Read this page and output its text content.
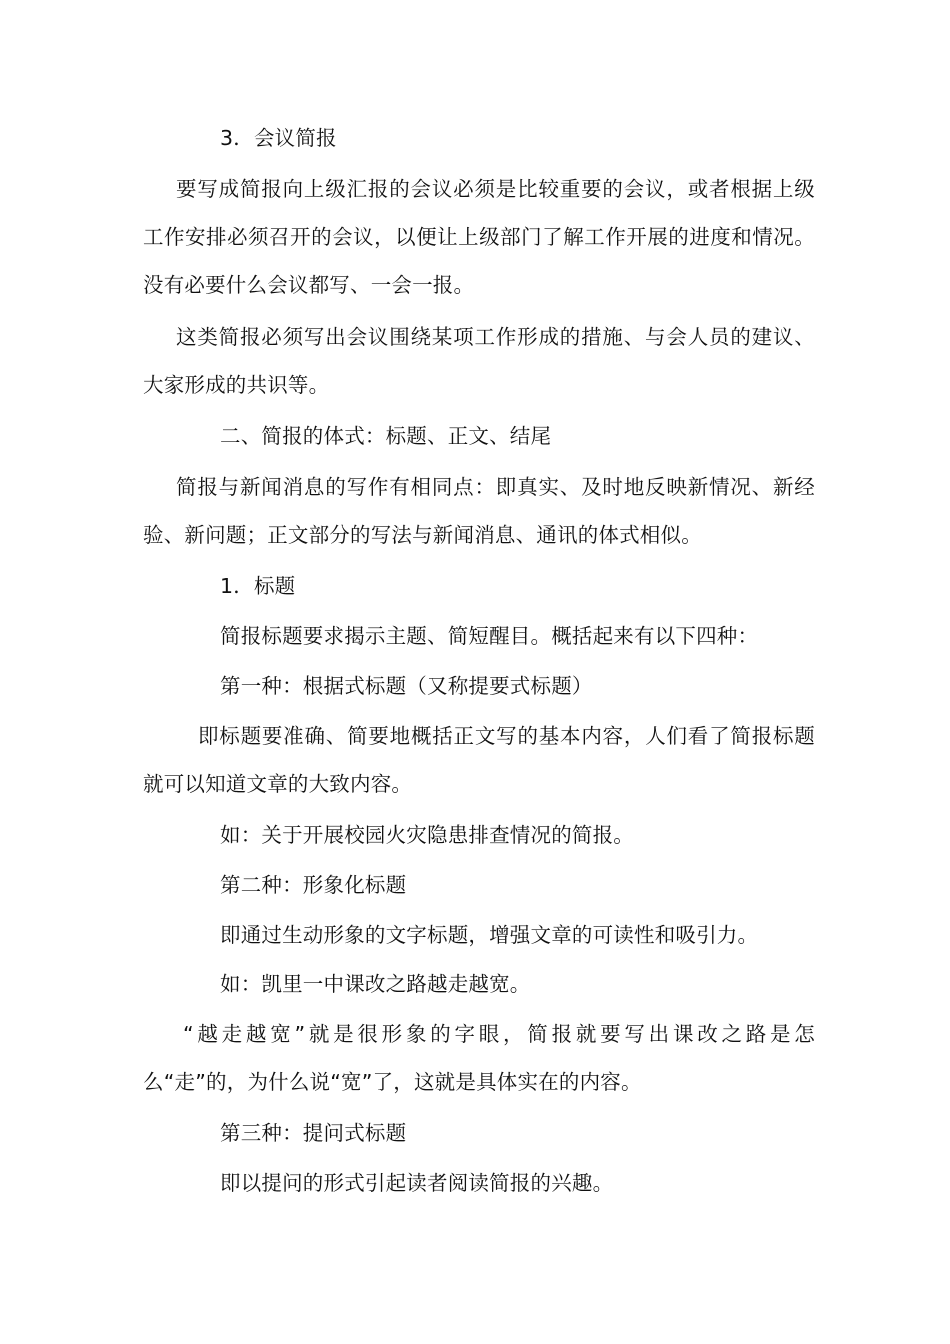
3．会议简报
要写成简报向上级汇报的会议必须是比较重要的会议，或者根据上级工作安排必须召开的会议，以便让上级部门了解工作开展的进度和情况。没有必要什么会议都写、一会一报。
这类简报必须写出会议围绕某项工作形成的措施、与会人员的建议、大家形成的共识等。
二、简报的体式：标题、正文、结尾
简报与新闻消息的写作有相同点：即真实、及时地反映新情况、新经验、新问题；正文部分的写法与新闻消息、通讯的体式相似。
1．标题
简报标题要求揭示主题、简短醒目。概括起来有以下四种：
第一种：根据式标题（又称提要式标题）
即标题要准确、简要地概括正文写的基本内容，人们看了简报标题就可以知道文章的大致内容。
如：关于开展校园火灾隐患排查情况的简报。
第二种：形象化标题
即通过生动形象的文字标题，增强文章的可读性和吸引力。
如：凯里一中课改之路越走越宽。
“越走越宽”就是很形象的字眼，简报就要写出课改之路是怎么“走”的，为什么说“宽”了，这就是具体实在的内容。
第三种：提问式标题
即以提问的形式引起读者阅读简报的兴趣。
